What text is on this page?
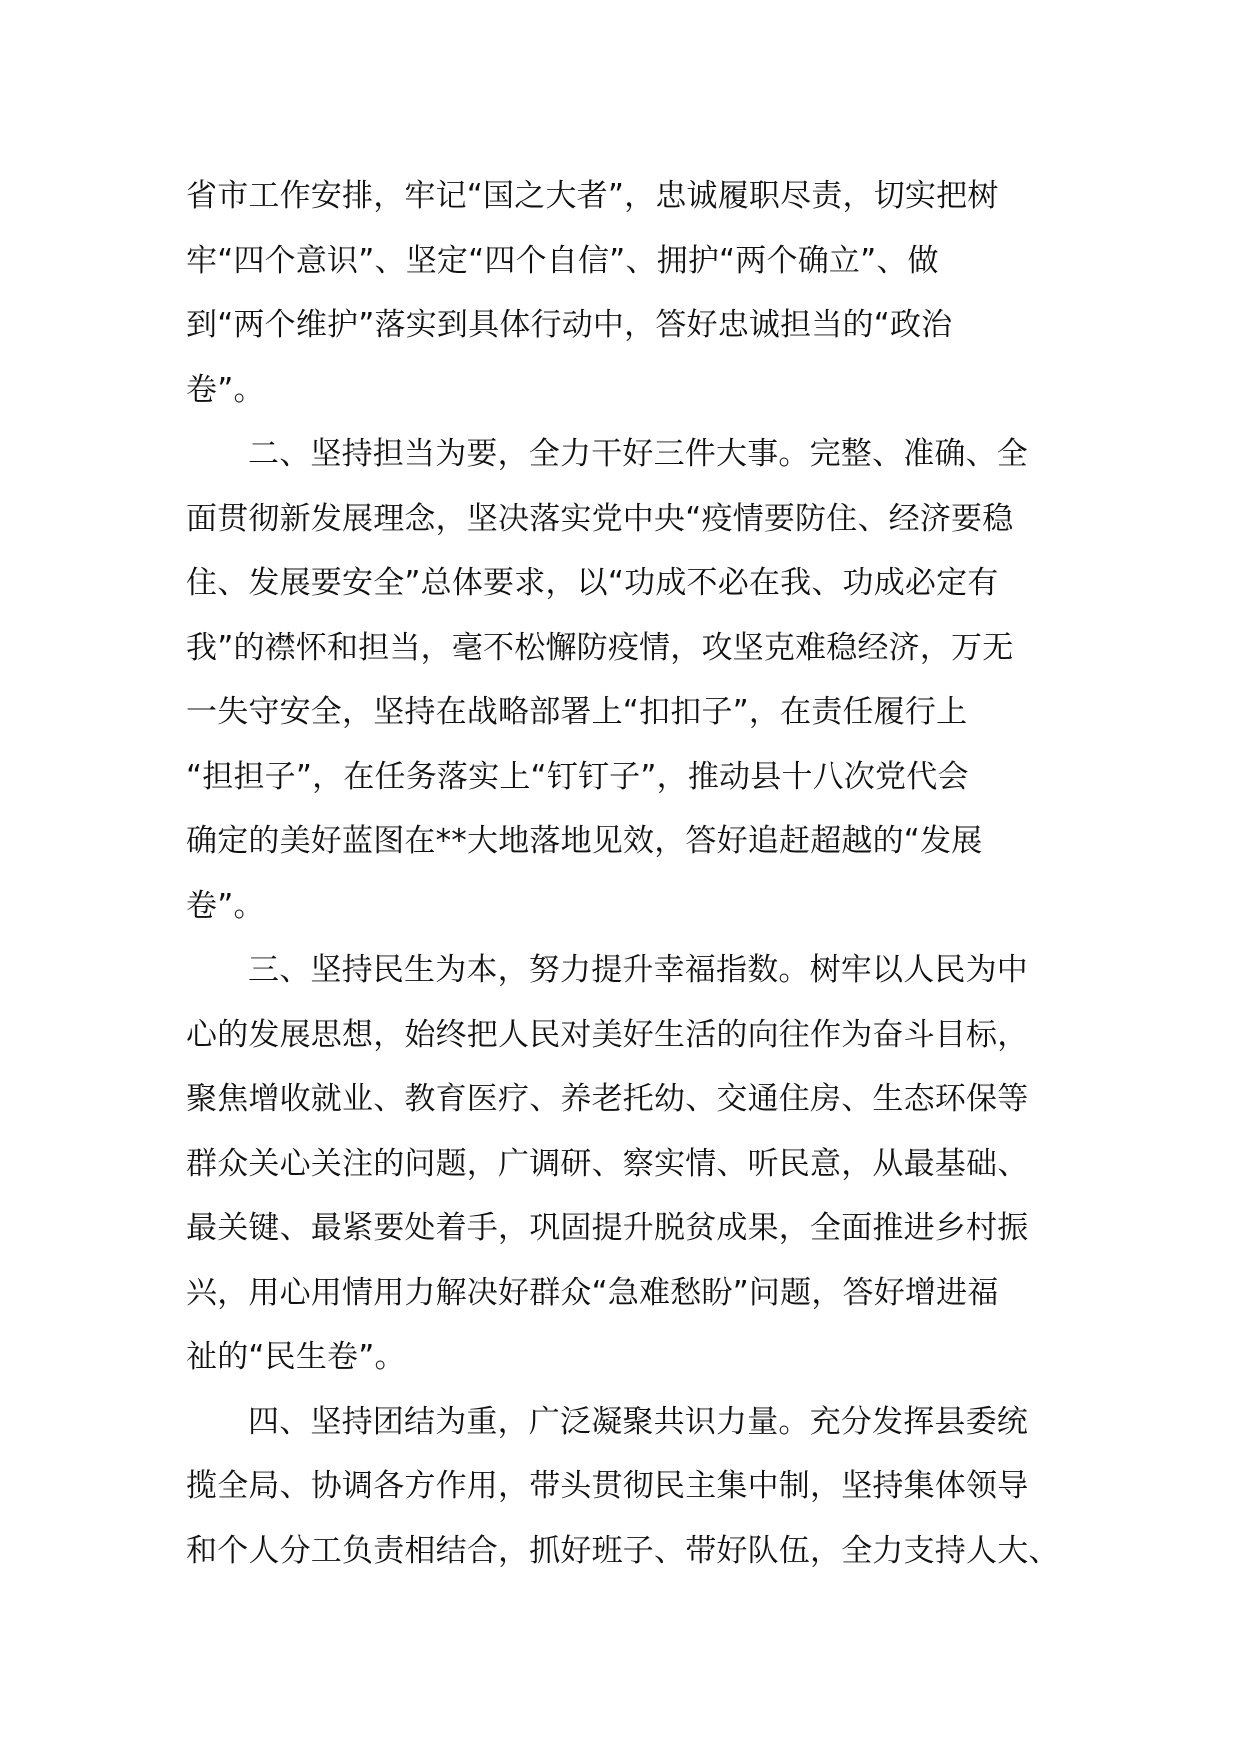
省市工作安排，牢记“国之大者”，忠诚履职尽责，切实把树
牢“四个意识”、坚定“四个自信”、拥护“两个确立”、做
到“两个维护”落实到具体行动中，答好忠诚担当的“政治
卷”。
二、坚持担当为要，全力干好三件大事。完整、准确、全
面贯彻新发展理念，坚决落实党中央“疫情要防住、经济要稳
住、发展要安全”总体要求，以“功成不必在我、功成必定有
我”的襟怀和担当，毫不松懈防疫情，攻坚克难稳经济，万无
一失守安全，坚持在战略部署上“扣扣子”，在责任履行上
“担担子”，在任务落实上“钉钉子”，推动县十八次党代会
确定的美好蓝图在**大地落地见效，答好追赶超越的“发展
卷”。
三、坚持民生为本，努力提升幸福指数。树牢以人民为中
心的发展思想，始终把人民对美好生活的向往作为奋斗目标，
聚焦增收就业、教育医疗、养老托幼、交通住房、生态环保等
群众关心关注的问题，广调研、察实情、听民意，从最基础、
最关键、最紧要处着手，巩固提升脱贫成果，全面推进乡村振
兴，用心用情用力解决好群众“急难愁盼”问题，答好增进福
祉的“民生卷”。
四、坚持团结为重，广泛凝聚共识力量。充分发挥县委统
揽全局、协调各方作用，带头贯彻民主集中制，坚持集体领导
和个人分工负责相结合，抓好班子、带好队伍，全力支持人大、
